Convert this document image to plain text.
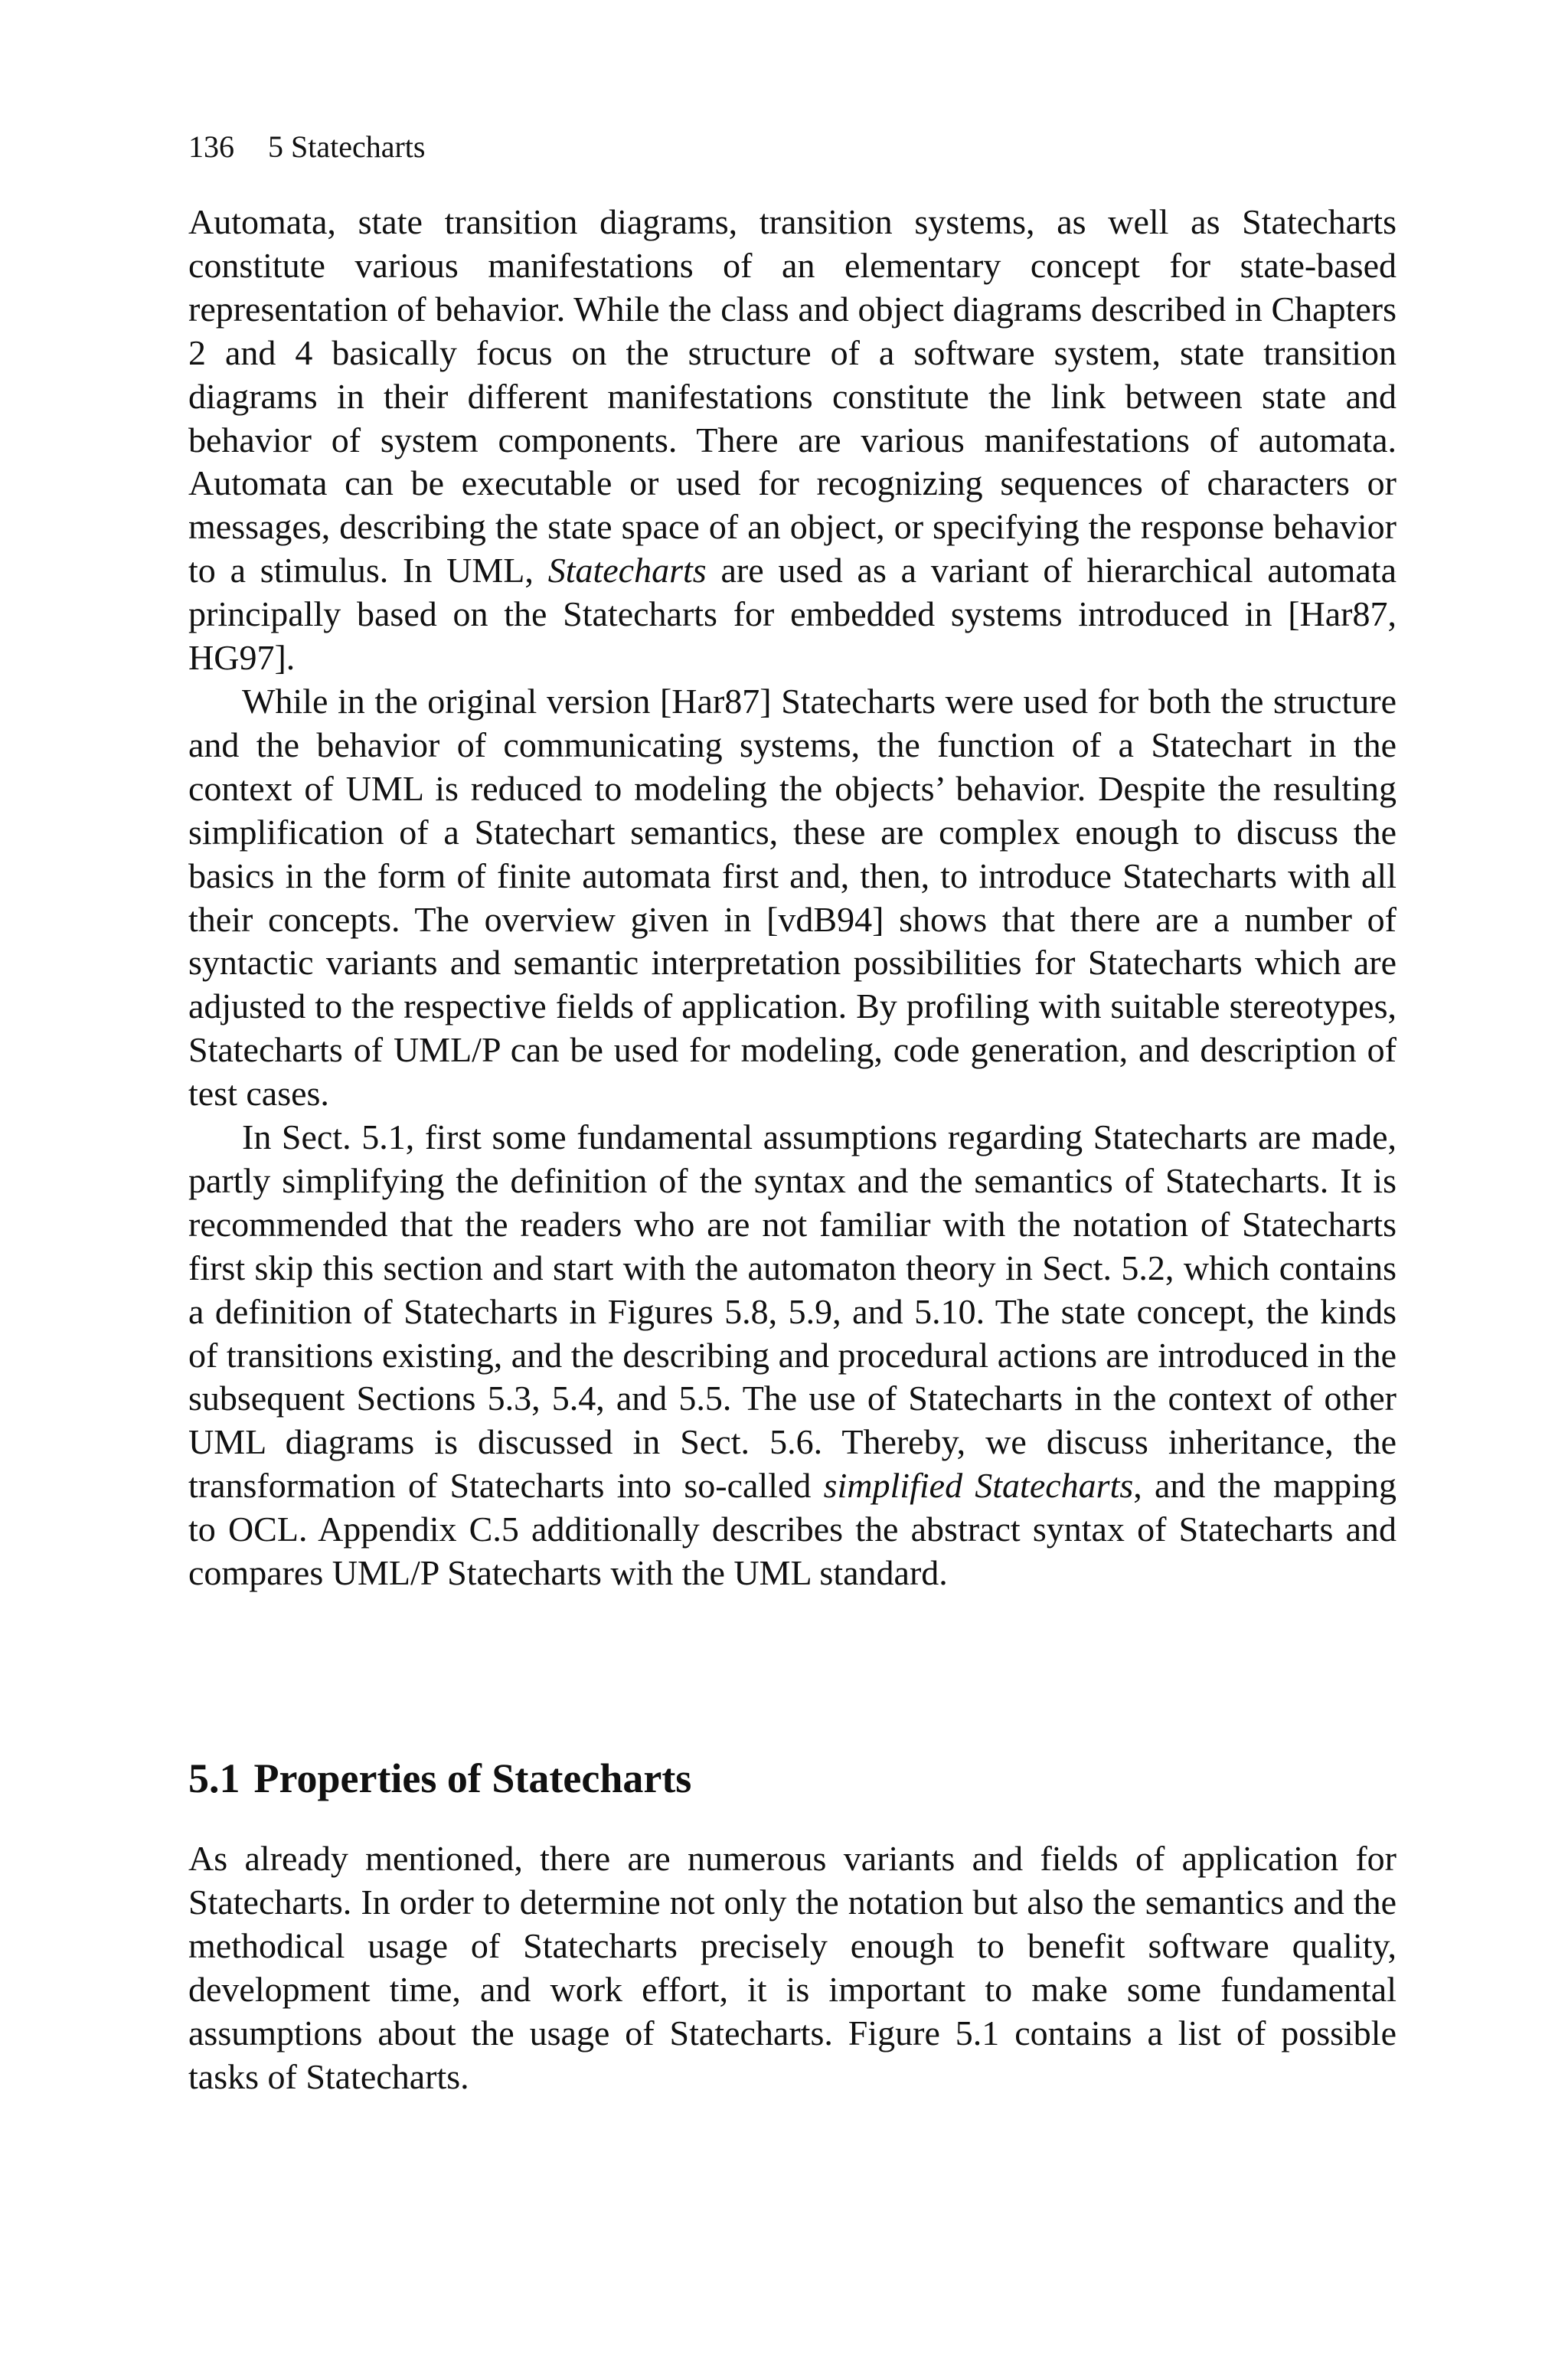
136 5 Statecharts

Automata, state transition diagrams, transition systems, as well as Statecharts constitute various manifestations of an elementary concept for state-based representation of behavior. While the class and object diagrams described in Chapters 2 and 4 basically focus on the structure of a software system, state transition diagrams in their different manifestations constitute the link between state and behavior of system components. There are various manifestations of automata. Automata can be executable or used for recognizing sequences of characters or messages, describing the state space of an object, or specifying the response behavior to a stimulus. In UML, Statecharts are used as a variant of hierarchical automata principally based on the Statecharts for embedded systems introduced in [Har87, HG97].

While in the original version [Har87] Statecharts were used for both the structure and the behavior of communicating systems, the function of a Statechart in the context of UML is reduced to modeling the objects’ behavior. Despite the resulting simplification of a Statechart semantics, these are complex enough to discuss the basics in the form of finite automata first and, then, to introduce Statecharts with all their concepts. The overview given in [vdB94] shows that there are a number of syntactic variants and semantic interpretation possibilities for Statecharts which are adjusted to the respective fields of application. By profiling with suitable stereotypes, Statecharts of UML/P can be used for modeling, code generation, and description of test cases.

In Sect. 5.1, first some fundamental assumptions regarding Statecharts are made, partly simplifying the definition of the syntax and the semantics of Statecharts. It is recommended that the readers who are not familiar with the notation of Statecharts first skip this section and start with the automaton theory in Sect. 5.2, which contains a definition of Statecharts in Figures 5.8, 5.9, and 5.10. The state concept, the kinds of transitions existing, and the describing and procedural actions are introduced in the subsequent Sections 5.3, 5.4, and 5.5. The use of Statecharts in the context of other UML diagrams is discussed in Sect. 5.6. Thereby, we discuss inheritance, the transformation of Statecharts into so-called simplified Statecharts, and the mapping to OCL. Appendix C.5 additionally describes the abstract syntax of Statecharts and compares UML/P Statecharts with the UML standard.

5.1 Properties of Statecharts

As already mentioned, there are numerous variants and fields of application for Statecharts. In order to determine not only the notation but also the semantics and the methodical usage of Statecharts precisely enough to benefit software quality, development time, and work effort, it is important to make some fundamental assumptions about the usage of Statecharts. Figure 5.1 contains a list of possible tasks of Statecharts.
